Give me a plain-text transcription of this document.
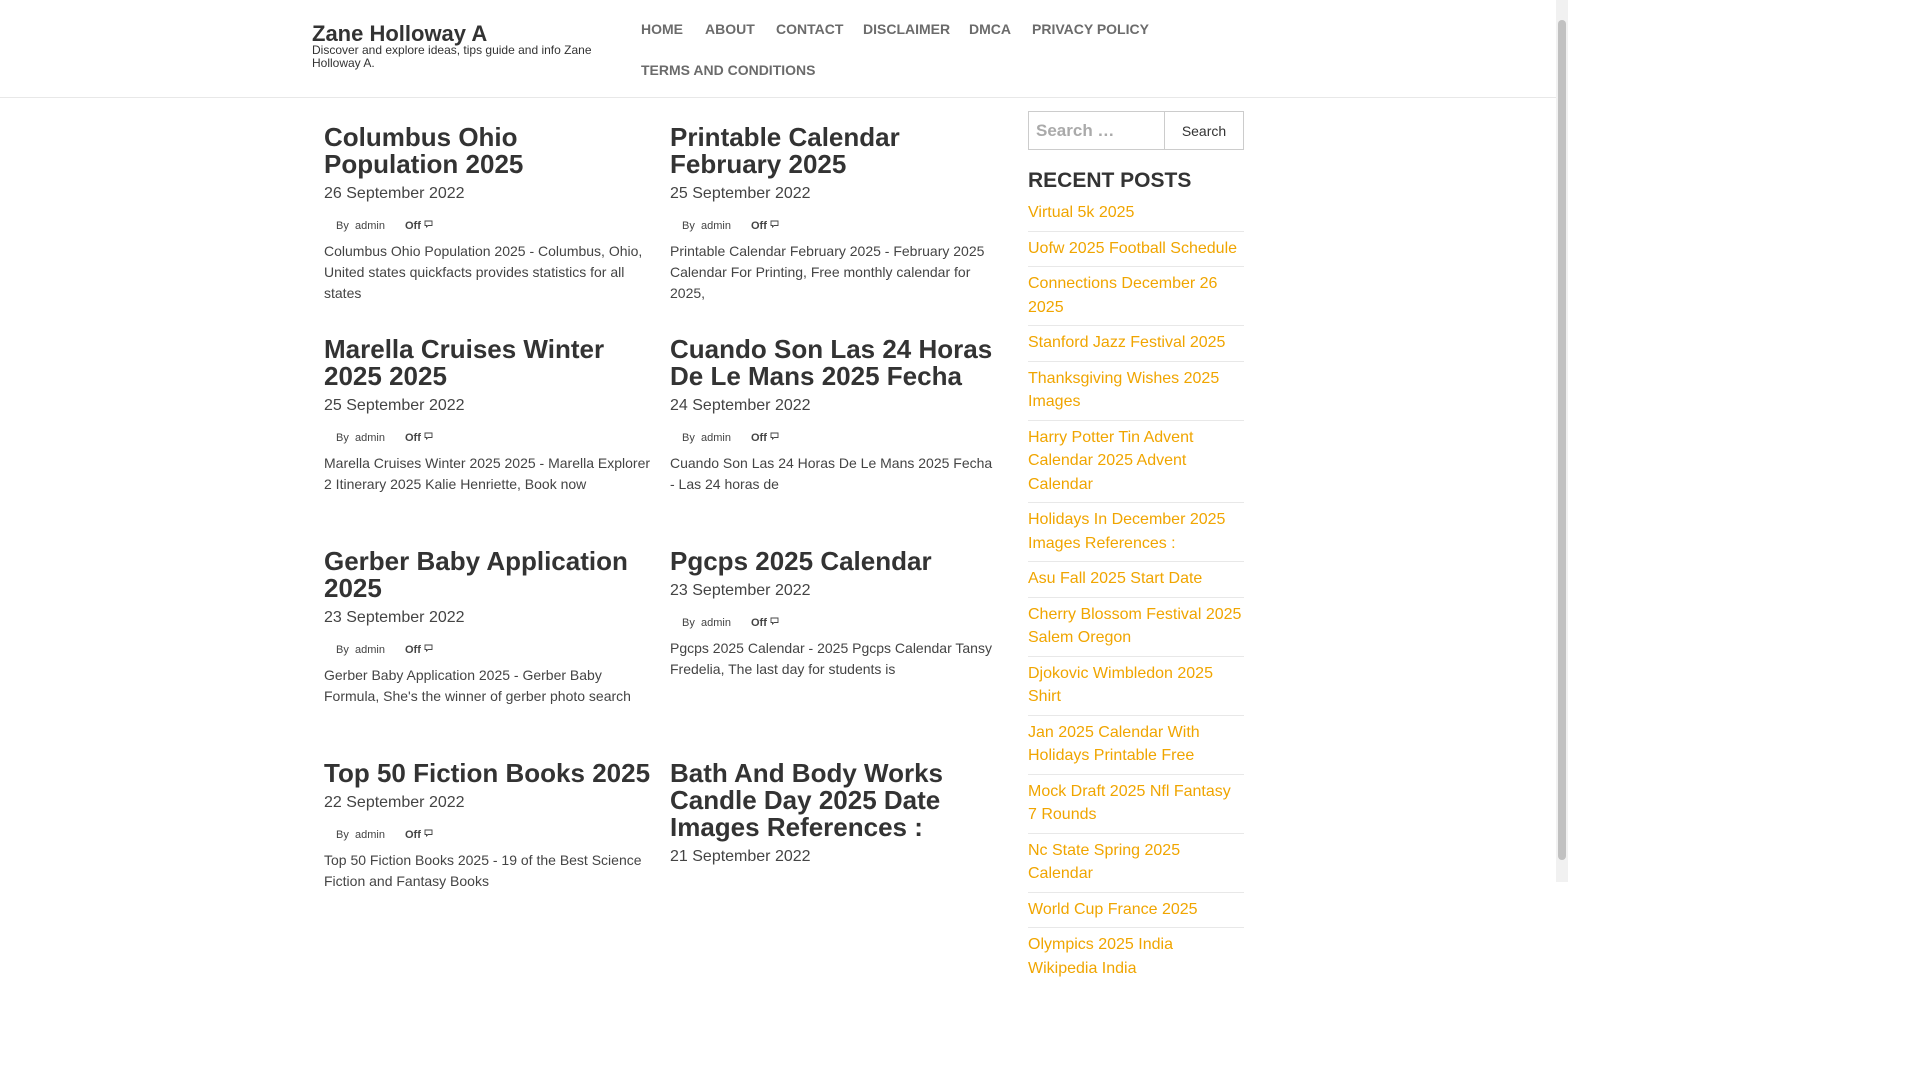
Zane Holloway A
Discover and explore ideas, tips guide and info Zane Holloway A.
HOME ABOUT CONTACT DISCLAIMER DMCA PRIVACY POLICY
TERMS AND CONDITIONS
Columbus Ohio Population 2025
26 September 2022
By admin Off
Columbus Ohio Population 2025 - Columbus, Ohio, United states quickfacts provides statistics for all states
Printable Calendar February 2025
25 September 2022
By admin Off
Printable Calendar February 2025 - February 2025 Calendar For Printing, Free monthly calendar for 2025,
Marella Cruises Winter 2025 2025
25 September 2022
By admin Off
Marella Cruises Winter 2025 2025 - Marella Explorer 2 Itinerary 2025 Kalie Henriette, Book now
Cuando Son Las 24 Horas De Le Mans 2025 Fecha
24 September 2022
By admin Off
Cuando Son Las 24 Horas De Le Mans 2025 Fecha - Las 24 horas de
Gerber Baby Application 2025
23 September 2022
By admin Off
Gerber Baby Application 2025 - Gerber Baby Formula, She's the winner of gerber photo search
Pgcps 2025 Calendar
23 September 2022
By admin Off
Pgcps 2025 Calendar - 2025 Pgcps Calendar Tansy Fredelia, The last day for students is
Top 50 Fiction Books 2025
22 September 2022
By admin Off
Top 50 Fiction Books 2025 - 19 of the Best Science Fiction and Fantasy Books
Bath And Body Works Candle Day 2025 Date Images References :
21 September 2022
Search …
Search
RECENT POSTS
Virtual 5k 2025
Uofw 2025 Football Schedule
Connections December 26 2025
Stanford Jazz Festival 2025
Thanksgiving Wishes 2025 Images
Harry Potter Tin Advent Calendar 2025 Advent Calendar
Holidays In December 2025 Images References :
Asu Fall 2025 Start Date
Cherry Blossom Festival 2025 Salem Oregon
Djokovic Wimbledon 2025 Shirt
Jan 2025 Calendar With Holidays Printable Free
Mock Draft 2025 Nfl Fantasy 7 Rounds
Nc State Spring 2025 Calendar
World Cup France 2025
Olympics 2025 India Wikipedia India
